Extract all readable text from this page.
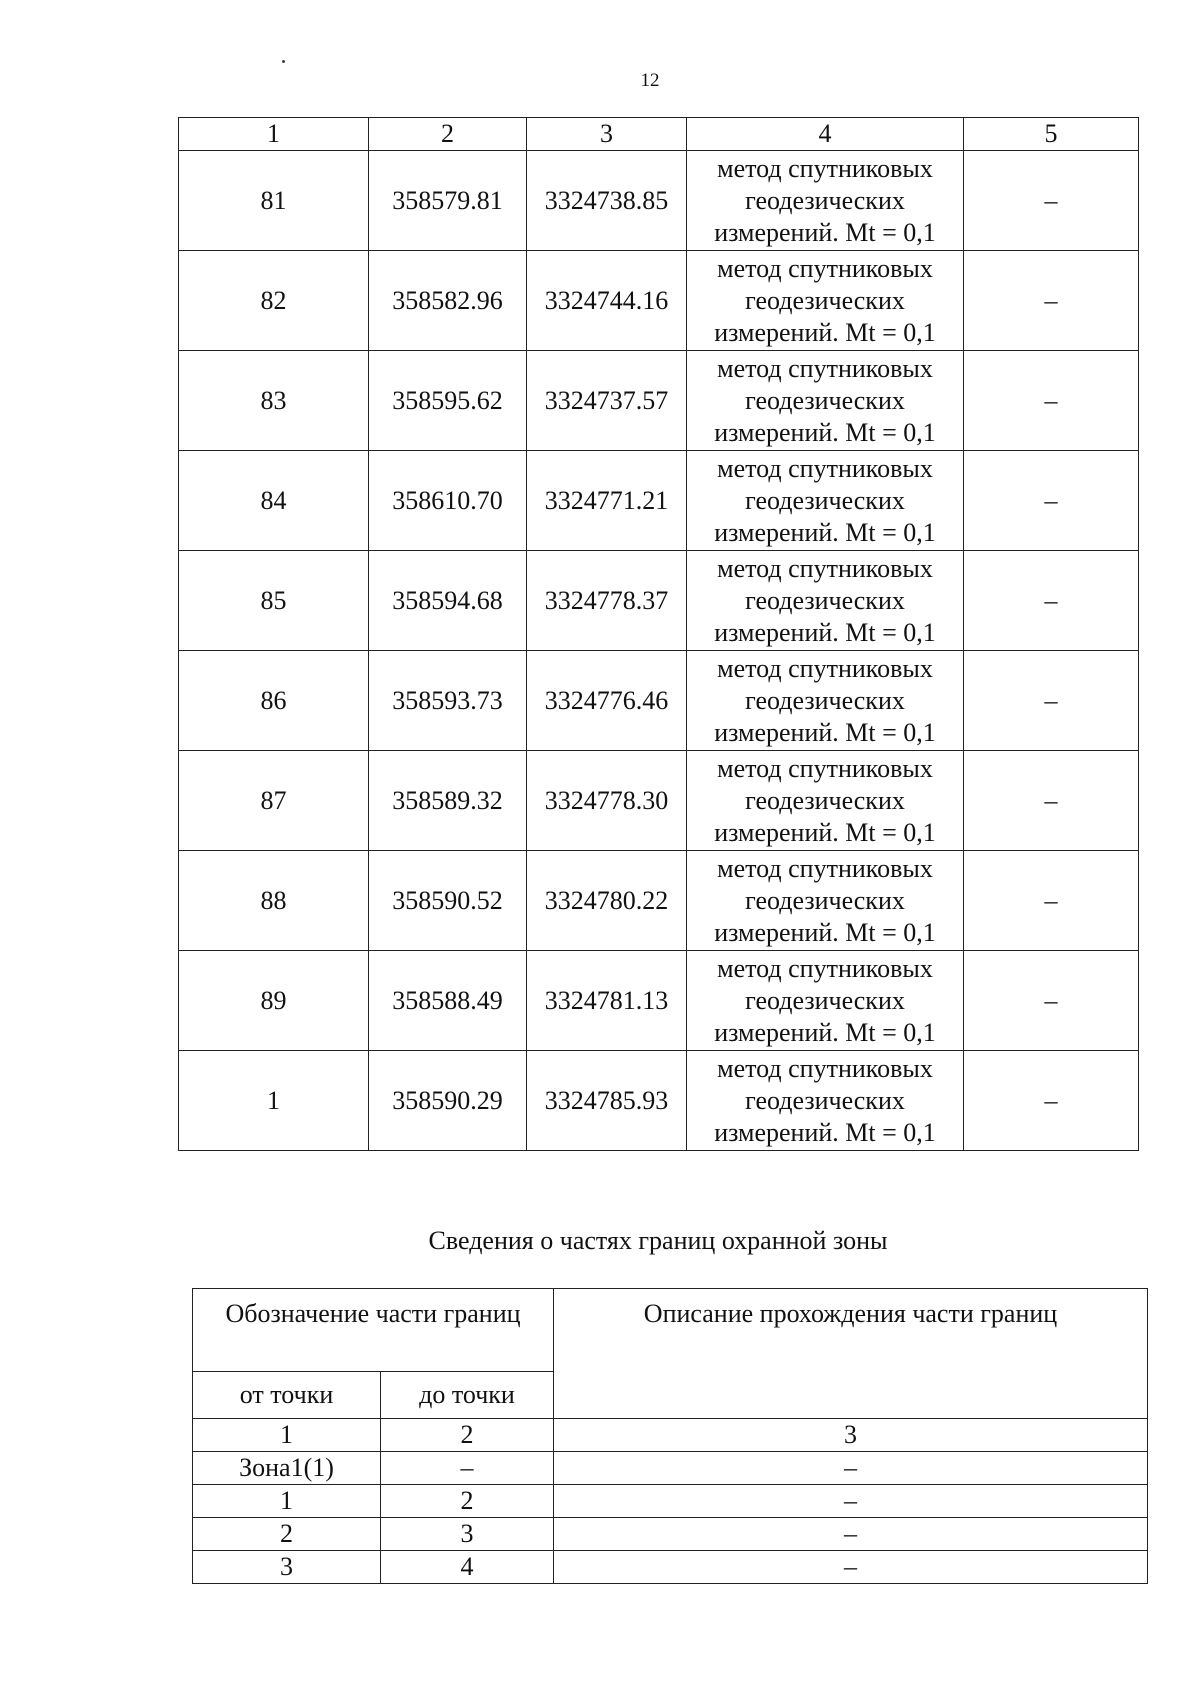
12
1	2	3	4	5
81	358579.81	3324738.85	метод спутниковых
геодезических
измерений. Mt = 0,1	–
82	358582.96	3324744.16	метод спутниковых
геодезических
измерений. Mt = 0,1	–
83	358595.62	3324737.57	метод спутниковых
геодезических
измерений. Mt = 0,1	–
84	358610.70	3324771.21	метод спутниковых
геодезических
измерений. Mt = 0,1	–
85	358594.68	3324778.37	метод спутниковых
геодезических
измерений. Mt = 0,1	–
86	358593.73	3324776.46	метод спутниковых
геодезических
измерений. Mt = 0,1	–
87	358589.32	3324778.30	метод спутниковых
геодезических
измерений. Mt = 0,1	–
88	358590.52	3324780.22	метод спутниковых
геодезических
измерений. Mt = 0,1	–
89	358588.49	3324781.13	метод спутниковых
геодезических
измерений. Mt = 0,1	–
1	358590.29	3324785.93	метод спутниковых
геодезических
измерений. Mt = 0,1	–
Сведения о частях границ охранной зоны
Обозначение части границ		Описание прохождения части границ
от точки	до точки	
1	2	3
Зона1(1)	–	–
1	2	–
2	3	–
3	4	–
